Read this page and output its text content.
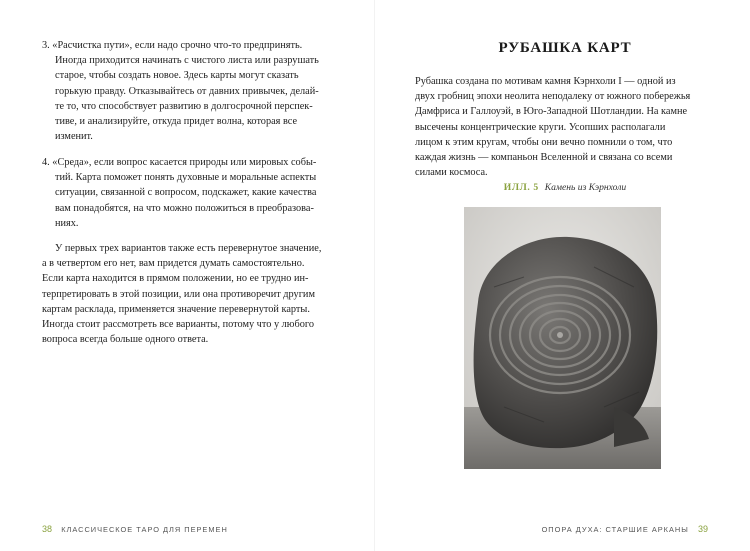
3. «Расчистка пути», если надо срочно что-то предпринять.
Иногда приходится начинать с чистого листа или разрушать
старое, чтобы создать новое. Здесь карты могут сказать
горькую правду. Отказывайтесь от давних привычек, делай-
те то, что способствует развитию в долгосрочной перспек-
тиве, и анализируйте, откуда придет волна, которая все
изменит.
4. «Среда», если вопрос касается природы или мировых собы-
тий. Карта поможет понять духовные и моральные аспекты
ситуации, связанной с вопросом, подскажет, какие качества
вам понадобятся, на что можно положиться в преобразова-
ниях.
У первых трех вариантов также есть перевернутое значение,
а в четвертом его нет, вам придется думать самостоятельно.
Если карта находится в прямом положении, но ее трудно ин-
терпретировать в этой позиции, или она противоречит другим
картам расклада, применяется значение перевернутой карты.
Иногда стоит рассмотреть все варианты, потому что у любого
вопроса всегда больше одного ответа.

38 КЛАССИЧЕСКОЕ ТАРО ДЛЯ ПЕРЕМЕН

РУБАШКА КАРТ
Рубашка создана по мотивам камня Кэрнхоли I — одной из
двух гробниц эпохи неолита неподалеку от южного побережья
Дамфриса и Галлоуэй, в Юго-Западной Шотландии. На камне
высечены концентрические круги. Усопших располагали
лицом к этим кругам, чтобы они вечно помнили о том, что
каждая жизнь — компаньон Вселенной и связана со всеми
силами космоса.

ИЛЛ. 5 Камень из Кэрнхоли

ОПОРА ДУХА: СТАРШИЕ АРКАНЫ 39
